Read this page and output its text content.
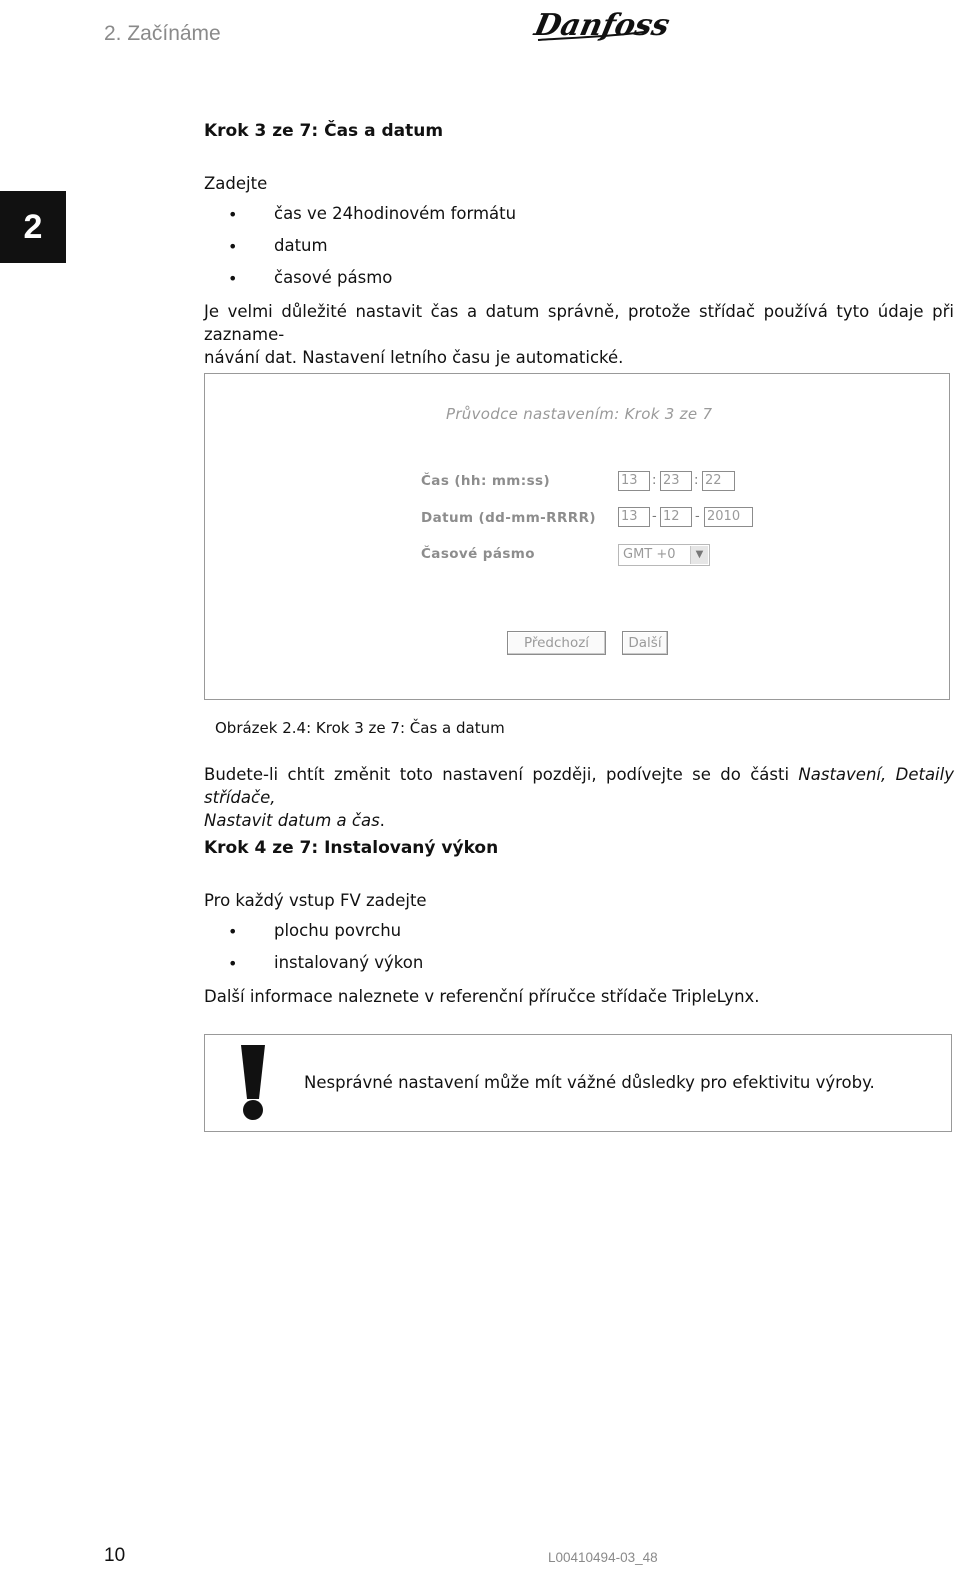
2. Začínáme	Danfoss
2
Krok 3 ze 7: Čas a datum
Zadejte
• čas ve 24hodinovém formátu
• datum
• časové pásmo
Je velmi důležité nastavit čas a datum správně, protože střídač používá tyto údaje při zazname-
návání dat. Nastavení letního času je automatické.
Průvodce nastavením: Krok 3 ze 7
Čas (hh: mm:ss)	13	: 23	: 22
Datum (dd-mm-RRRR) 13	- 12	- 2010
Časové pásmo	GMT +0	▼
Předchozí	Další
Obrázek 2.4: Krok 3 ze 7: Čas a datum
Budete-li chtít změnit toto nastavení později, podívejte se do části Nastavení, Detaily střídače,
Nastavit datum a čas.
Krok 4 ze 7: Instalovaný výkon
Pro každý vstup FV zadejte
• plochu povrchu
• instalovaný výkon
Další informace naleznete v referenční příručce střídače TripleLynx.
Nesprávné nastavení může mít vážné důsledky pro efektivitu výroby.
10	L00410494-03_48
